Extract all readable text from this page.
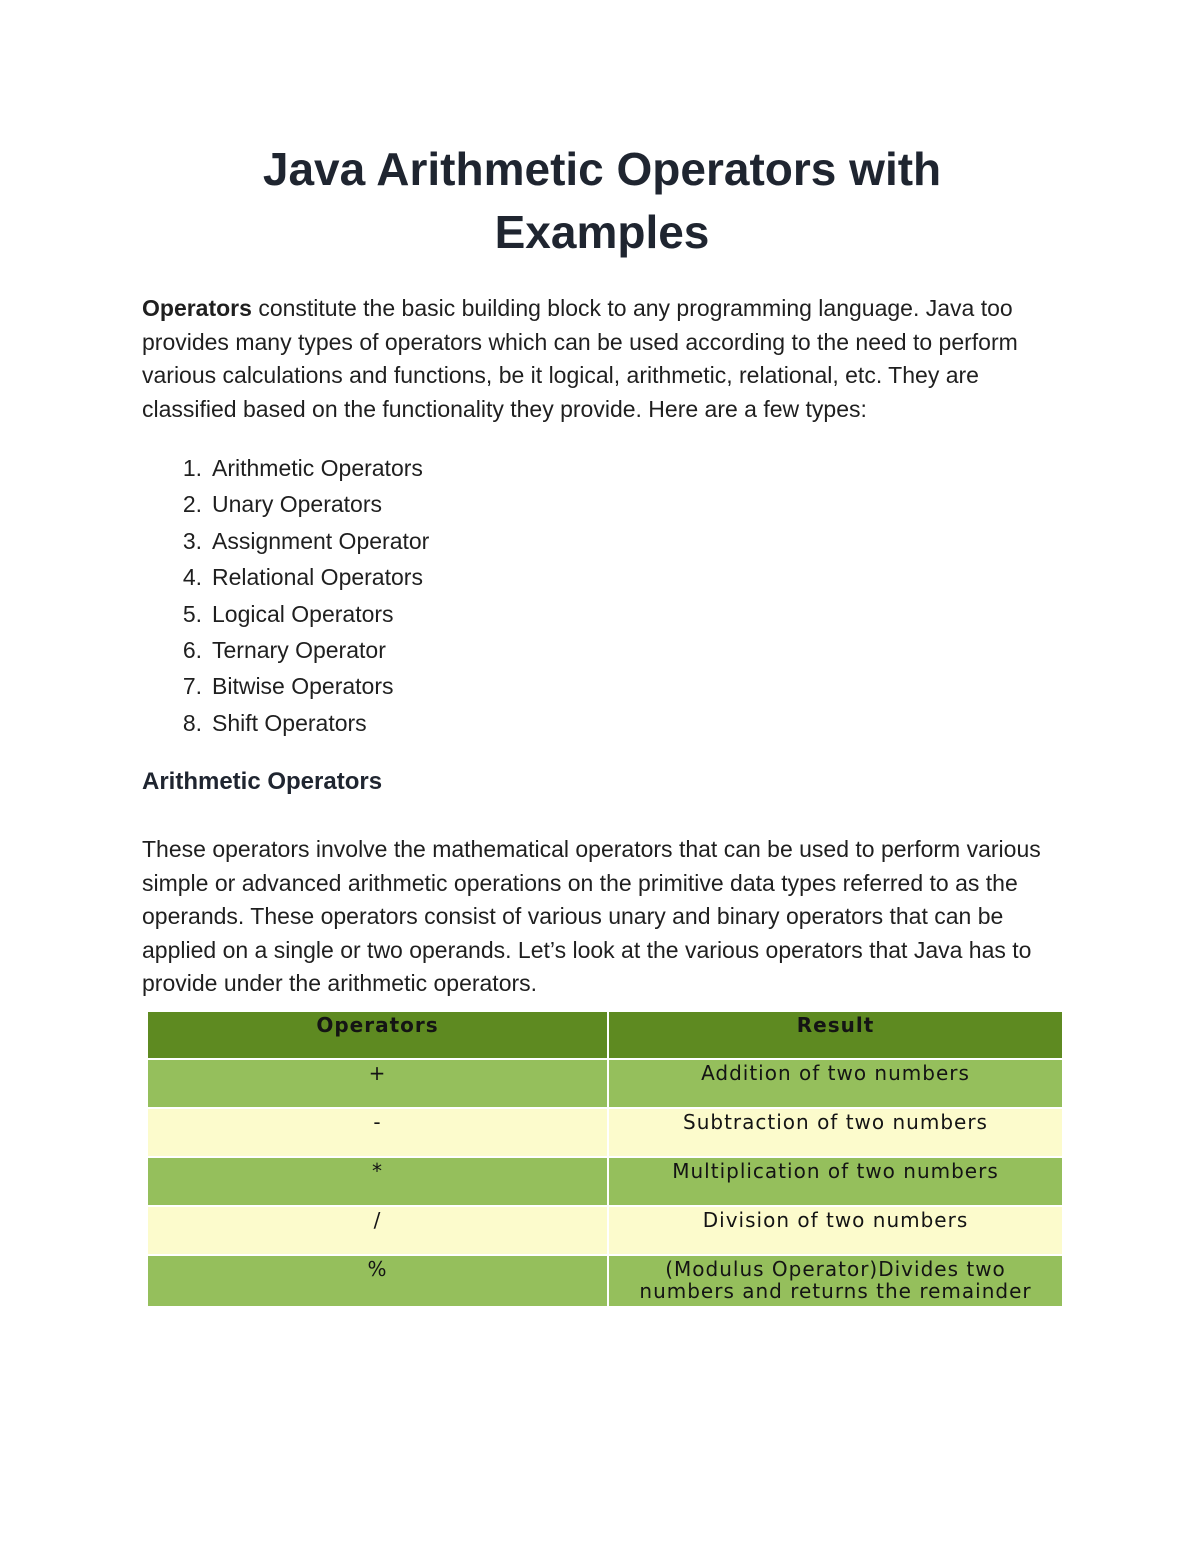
Java Arithmetic Operators with
Examples

Operators constitute the basic building block to any programming language. Java too provides many types of operators which can be used according to the need to perform various calculations and functions, be it logical, arithmetic, relational, etc. They are classified based on the functionality they provide. Here are a few types:

1. Arithmetic Operators
2. Unary Operators
3. Assignment Operator
4. Relational Operators
5. Logical Operators
6. Ternary Operator
7. Bitwise Operators
8. Shift Operators
Arithmetic Operators

These operators involve the mathematical operators that can be used to perform various simple or advanced arithmetic operations on the primitive data types referred to as the operands. These operators consist of various unary and binary operators that can be applied on a single or two operands. Let’s look at the various operators that Java has to provide under the arithmetic operators.

Operators	Result
+	Addition of two numbers
-	Subtraction of two numbers
*	Multiplication of two numbers
/	Division of two numbers
%	(Modulus Operator)Divides two numbers and returns the remainder
